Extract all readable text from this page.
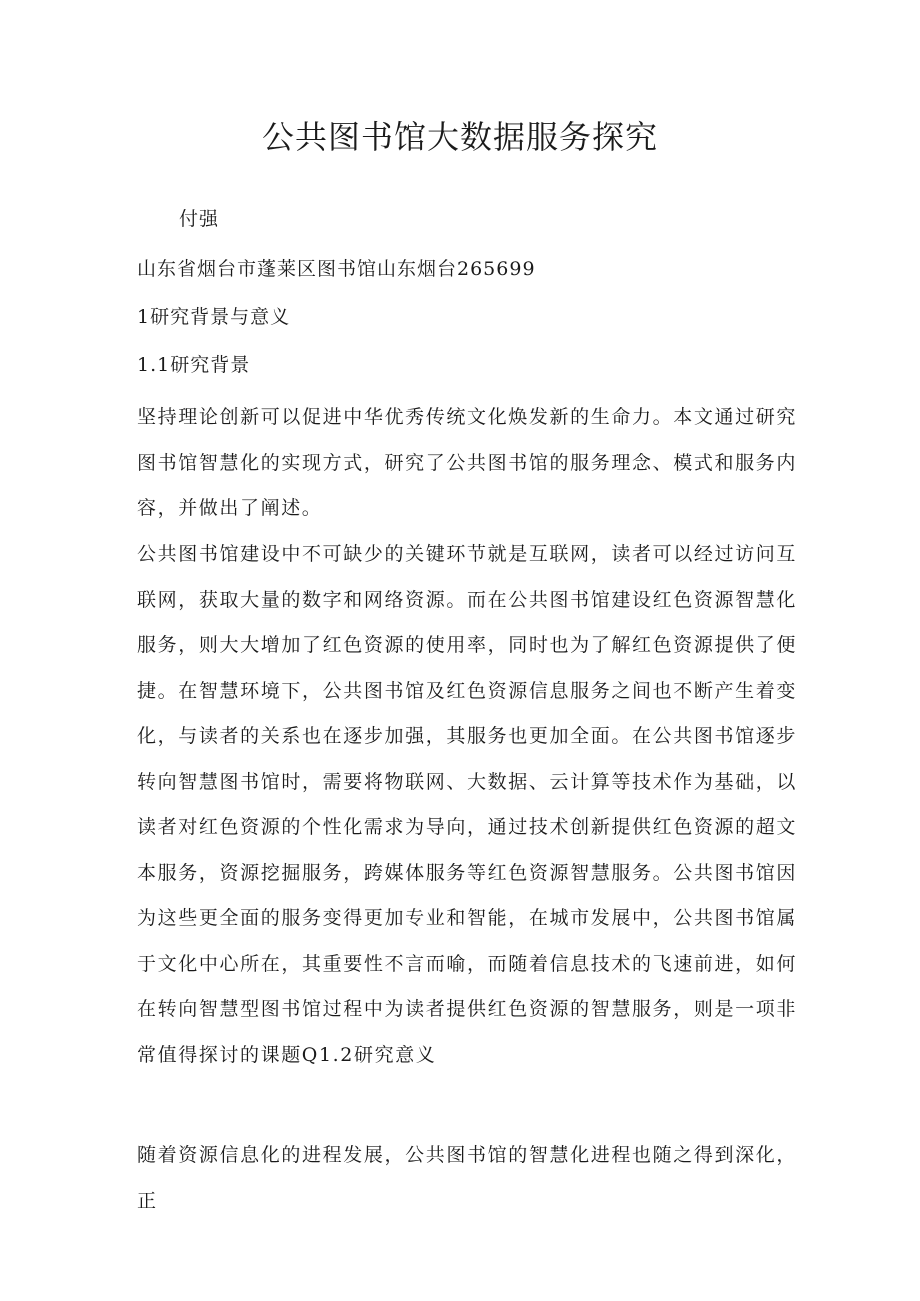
公共图书馆大数据服务探究
付强
山东省烟台市蓬莱区图书馆山东烟台265699
1研究背景与意义
1.1研究背景
坚持理论创新可以促进中华优秀传统文化焕发新的生命力。本文通过研究图书馆智慧化的实现方式，研究了公共图书馆的服务理念、模式和服务内容，并做出了阐述。
公共图书馆建设中不可缺少的关键环节就是互联网，读者可以经过访问互联网，获取大量的数字和网络资源。而在公共图书馆建设红色资源智慧化服务，则大大增加了红色资源的使用率，同时也为了解红色资源提供了便捷。在智慧环境下，公共图书馆及红色资源信息服务之间也不断产生着变化，与读者的关系也在逐步加强，其服务也更加全面。在公共图书馆逐步转向智慧图书馆时，需要将物联网、大数据、云计算等技术作为基础，以读者对红色资源的个性化需求为导向，通过技术创新提供红色资源的超文本服务，资源挖掘服务，跨媒体服务等红色资源智慧服务。公共图书馆因为这些更全面的服务变得更加专业和智能，在城市发展中，公共图书馆属于文化中心所在，其重要性不言而喻，而随着信息技术的飞速前进，如何在转向智慧型图书馆过程中为读者提供红色资源的智慧服务，则是一项非常值得探讨的课题Q1.2研究意义
随着资源信息化的进程发展，公共图书馆的智慧化进程也随之得到深化，正
